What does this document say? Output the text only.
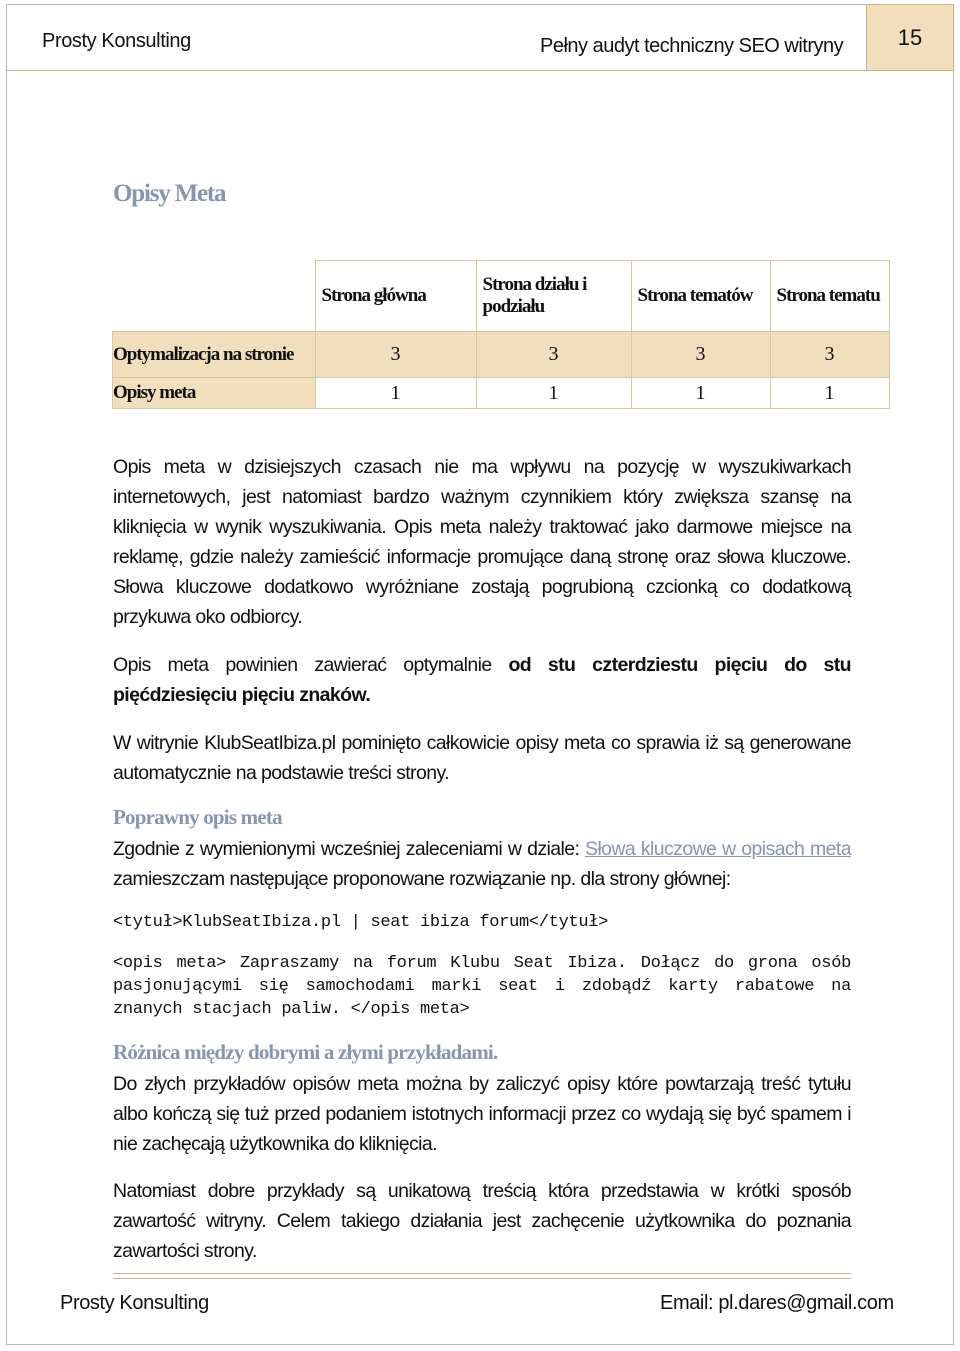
Prosty Konsulting	Pełny audyt techniczny SEO witryny	15
Opisy Meta
	Strona główna	Strona działu i podziału	Strona tematów	Strona tematu
Optymalizacja na stronie	3	3	3	3
Opisy meta	1	1	1	1
Opis meta w dzisiejszych czasach nie ma wpływu na pozycję w wyszukiwarkach internetowych, jest natomiast bardzo ważnym czynnikiem który zwiększa szansę na kliknięcia w wynik wyszukiwania. Opis meta należy traktować jako darmowe miejsce na reklamę, gdzie należy zamieścić informacje promujące daną stronę oraz słowa kluczowe. Słowa kluczowe dodatkowo wyróżniane zostają pogrubioną czcionką co dodatkową przykuwa oko odbiorcy.
Opis meta powinien zawierać optymalnie od stu czterdziestu pięciu do stu pięćdziesięciu pięciu znaków.
W witrynie KlubSeatIbiza.pl pominięto całkowicie opisy meta co sprawia iż są generowane automatycznie na podstawie treści strony.
Poprawny opis meta
Zgodnie z wymienionymi wcześniej zaleceniami w dziale: Słowa kluczowe w opisach meta zamieszczam następujące proponowane rozwiązanie np. dla strony głównej:
<tytuł>KlubSeatIbiza.pl | seat ibiza forum</tytuł>
<opis meta> Zapraszamy na forum Klubu Seat Ibiza. Dołącz do grona osób pasjonującymi się samochodami marki seat i zdobądź karty rabatowe na znanych stacjach paliw. </opis meta>
Różnica między dobrymi a złymi przykładami.
Do złych przykładów opisów meta można by zaliczyć opisy które powtarzają treść tytułu albo kończą się tuż przed podaniem istotnych informacji przez co wydają się być spamem i nie zachęcają użytkownika do kliknięcia.
Natomiast dobre przykłady są unikatową treścią która przedstawia w krótki sposób zawartość witryny. Celem takiego działania jest zachęcenie użytkownika do poznania zawartości strony.
Prosty Konsulting	Email: pl.dares@gmail.com
